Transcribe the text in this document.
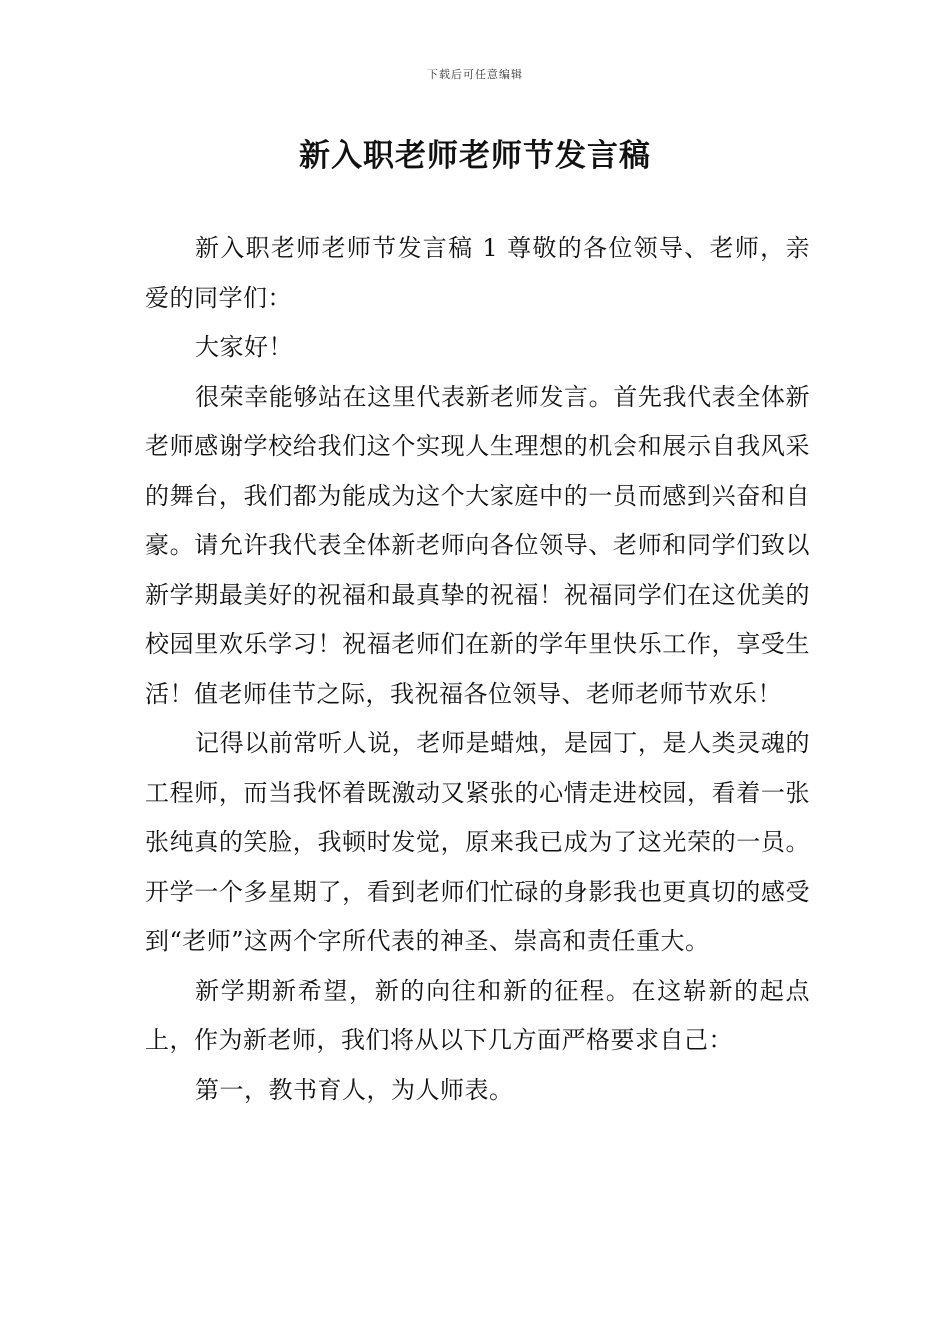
下载后可任意编辑
新入职老师老师节发言稿

新入职老师老师节发言稿 1 尊敬的各位领导、老师，亲爱的同学们：

大家好！

很荣幸能够站在这里代表新老师发言。首先我代表全体新老师感谢学校给我们这个实现人生理想的机会和展示自我风采的舞台，我们都为能成为这个大家庭中的一员而感到兴奋和自豪。请允许我代表全体新老师向各位领导、老师和同学们致以新学期最美好的祝福和最真挚的祝福！祝福同学们在这优美的校园里欢乐学习！祝福老师们在新的学年里快乐工作，享受生活！值老师佳节之际，我祝福各位领导、老师老师节欢乐！

记得以前常听人说，老师是蜡烛，是园丁，是人类灵魂的工程师，而当我怀着既激动又紧张的心情走进校园，看着一张张纯真的笑脸，我顿时发觉，原来我已成为了这光荣的一员。开学一个多星期了，看到老师们忙碌的身影我也更真切的感受到“老师”这两个字所代表的神圣、崇高和责任重大。

新学期新希望，新的向往和新的征程。在这崭新的起点上，作为新老师，我们将从以下几方面严格要求自己：

第一，教书育人，为人师表。
